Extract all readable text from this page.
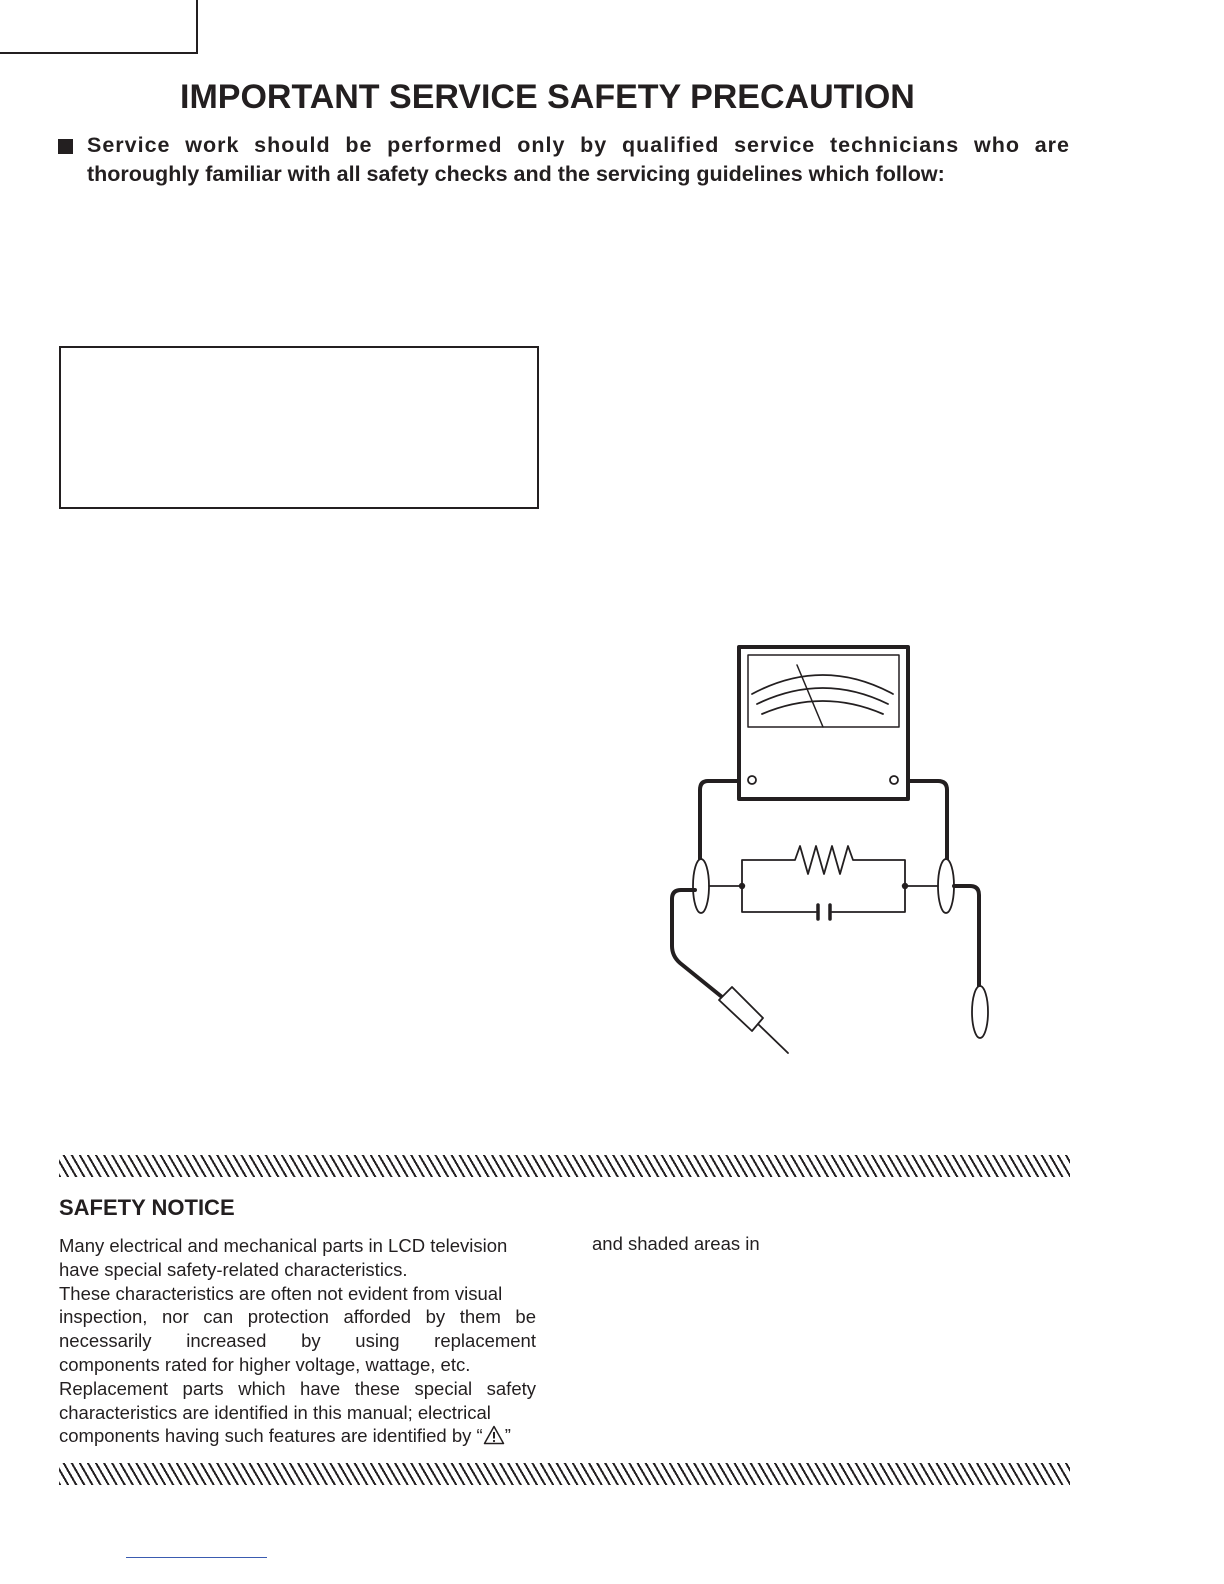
IMPORTANT SERVICE SAFETY PRECAUTION
Service work should be performed only by qualified service technicians who are
thoroughly familiar with all safety checks and the servicing guidelines which follow:
SAFETY NOTICE
Many electrical and mechanical parts in LCD television
have special safety-related characteristics.
These characteristics are often not evident from visual
inspection, nor can protection afforded by them be
necessarily increased by using replacement
components rated for higher voltage, wattage, etc.
Replacement parts which have these special safety
characteristics are identified in this manual; electrical
components having such features are identified by “ ”
and shaded areas in
